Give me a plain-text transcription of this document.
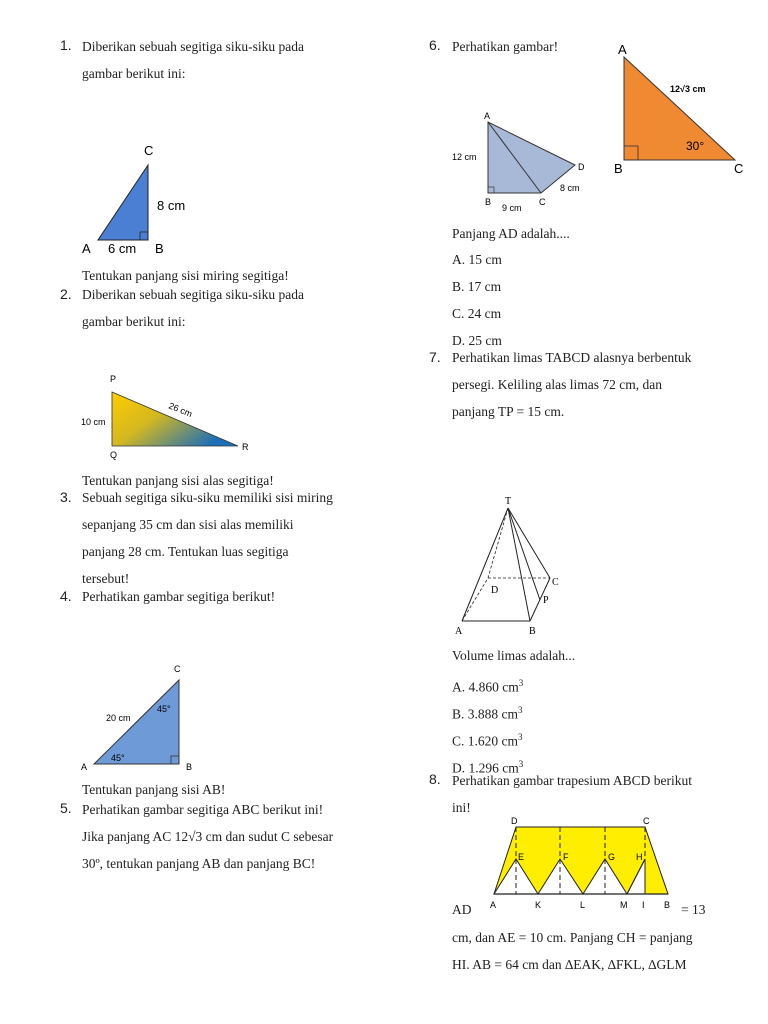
1. Diberikan sebuah segitiga siku-siku pada
gambar berikut ini:
A 6 cm B
C
8 cm
Tentukan panjang sisi miring segitiga!
2. Diberikan sebuah segitiga siku-siku pada
gambar berikut ini:
P
Q
R
10 cm
26 cm
Tentukan panjang sisi alas segitiga!
3. Sebuah segitiga siku-siku memiliki sisi miring
sepanjang 35 cm dan sisi alas memiliki
panjang 28 cm. Tentukan luas segitiga
tersebut!
4. Perhatikan gambar segitiga berikut!
A	B
C
20 cm
45°
45°
Tentukan panjang sisi AB!
5. Perhatikan gambar segitiga ABC berikut ini!
Jika panjang AC 12√3 cm dan sudut C sebesar
30º, tentukan panjang AB dan panjang BC!
6. Perhatikan gambar!
A
B	C
D
12 cm
9 cm
8 cm
A
B	C
12√3 cm
30°
Panjang AD adalah....
A. 15 cm
B. 17 cm
C. 24 cm
D. 25 cm
7. Perhatikan limas TABCD alasnya berbentuk
persegi. Keliling alas limas 72 cm, dan
panjang TP = 15 cm.
T
A	B
C
D
P
Volume limas adalah...
A. 4.860 $cm^3$
B. 3.888 $cm^3$
C. 1.620 $cm^3$
D. 1.296 $cm^3$
8. Perhatikan gambar trapesium ABCD berikut
ini!
D	C
E	F	G H
A	K	L	M I B
AD	= 13
cm, dan AE = 10 cm. Panjang CH = panjang
HI. AB = 64 cm dan ∆EAK, ∆FKL, ∆GLM
